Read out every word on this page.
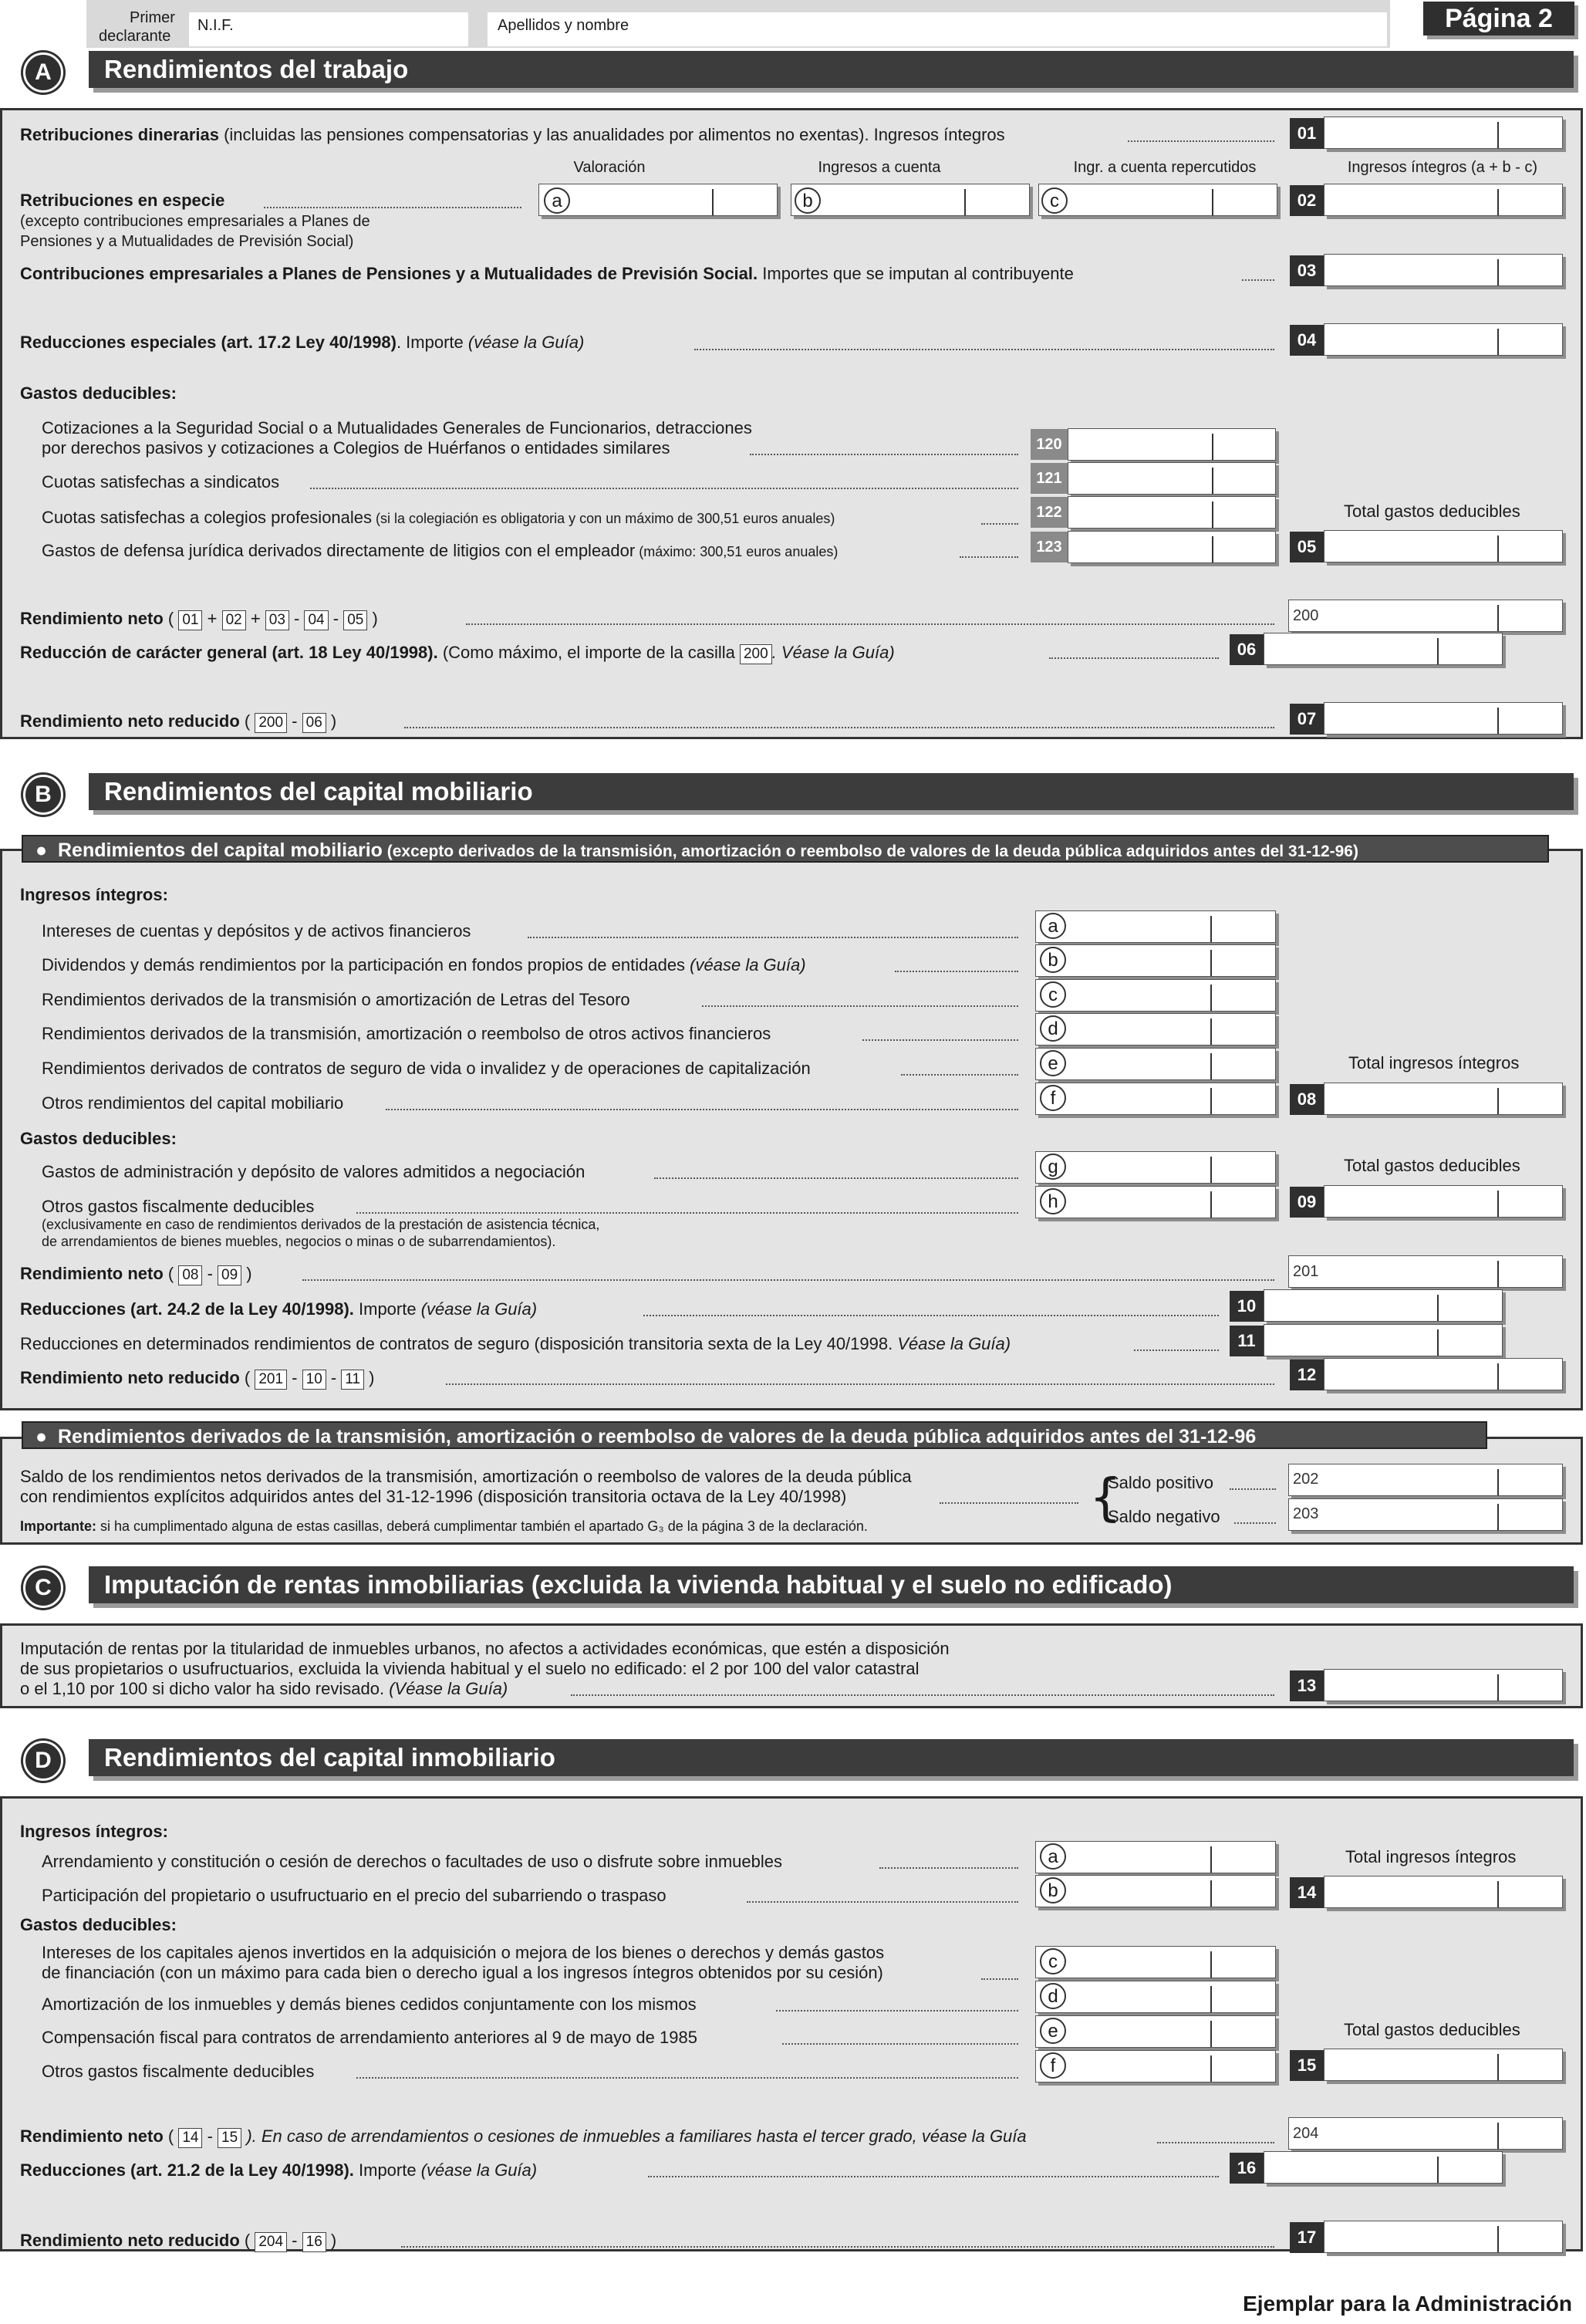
Primer
declarante
N.I.F.	Apellidos y nombre	Página 2
A	Rendimientos del trabajo
Retribuciones dinerarias (incluidas las pensiones compensatorias y las anualidades por alimentos no exentas). Ingresos íntegros	01
Valoración	Ingresos a cuenta	Ingr. a cuenta repercutidos	Ingresos íntegros (a + b - c)
Retribuciones en especie
(excepto contribuciones empresariales a Planes de
Pensiones y a Mutualidades de Previsión Social)
a	b	c	02
Contribuciones empresariales a Planes de Pensiones y a Mutualidades de Previsión Social. Importes que se imputan al contribuyente	03
Reducciones especiales (art. 17.2 Ley 40/1998). Importe (véase la Guía)	04
Gastos deducibles:
Cotizaciones a la Seguridad Social o a Mutualidades Generales de Funcionarios, detracciones
por derechos pasivos y cotizaciones a Colegios de Huérfanos o entidades similares	120
Cuotas satisfechas a sindicatos	121
Cuotas satisfechas a colegios profesionales (si la colegiación es obligatoria y con un máximo de 300,51 euros anuales)	122
Gastos de defensa jurídica derivados directamente de litigios con el empleador (máximo: 300,51 euros anuales)	123
Total gastos deducibles
05
Rendimiento neto ( 01 + 02 + 03 - 04 - 05 )	200
Reducción de carácter general (art. 18 Ley 40/1998). (Como máximo, el importe de la casilla 200 . Véase la Guía)	06
Rendimiento neto reducido ( 200 - 06 )	07
B	Rendimientos del capital mobiliario
●  Rendimientos del capital mobiliario (excepto derivados de la transmisión, amortización o reembolso de valores de la deuda pública adquiridos antes del 31-12-96)
Ingresos íntegros:
Intereses de cuentas y depósitos y de activos financieros	a
Dividendos y demás rendimientos por la participación en fondos propios de entidades (véase la Guía)	b
Rendimientos derivados de la transmisión o amortización de Letras del Tesoro	c
Rendimientos derivados de la transmisión, amortización o reembolso de otros activos financieros	d
Rendimientos derivados de contratos de seguro de vida o invalidez y de operaciones de capitalización	e
Otros rendimientos del capital mobiliario	f
Total ingresos íntegros
08
Gastos deducibles:
Gastos de administración y depósito de valores admitidos a negociación	g
Otros gastos fiscalmente deducibles
(exclusivamente en caso de rendimientos derivados de la prestación de asistencia técnica,
de arrendamientos de bienes muebles, negocios o minas o de subarrendamientos).
h
Total gastos deducibles
09
Rendimiento neto ( 08 - 09 )	201
Reducciones (art. 24.2 de la Ley 40/1998). Importe (véase la Guía)	10
Reducciones en determinados rendimientos de contratos de seguro (disposición transitoria sexta de la Ley 40/1998. Véase la Guía)	11
Rendimiento neto reducido ( 201 - 10 - 11 )	12
●  Rendimientos derivados de la transmisión, amortización o reembolso de valores de la deuda pública adquiridos antes del 31-12-96
Saldo de los rendimientos netos derivados de la transmisión, amortización o reembolso de valores de la deuda pública
con rendimientos explícitos adquiridos antes del 31-12-1996 (disposición transitoria octava de la Ley 40/1998)
Importante: si ha cumplimentado alguna de estas casillas, deberá cumplimentar también el apartado G₃ de la página 3 de la declaración.	{
Saldo positivo	202
Saldo negativo	203
C	Imputación de rentas inmobiliarias (excluida la vivienda habitual y el suelo no edificado)
Imputación de rentas por la titularidad de inmuebles urbanos, no afectos a actividades económicas, que estén a disposición
de sus propietarios o usufructuarios, excluida la vivienda habitual y el suelo no edificado: el 2 por 100 del valor catastral
o el 1,10 por 100 si dicho valor ha sido revisado. (Véase la Guía)	13
D	Rendimientos del capital inmobiliario
Ingresos íntegros:
Arrendamiento y constitución o cesión de derechos o facultades de uso o disfrute sobre inmuebles	a
Participación del propietario o usufructuario en el precio del subarriendo o traspaso	b
Total ingresos íntegros
14
Gastos deducibles:
Intereses de los capitales ajenos invertidos en la adquisición o mejora de los bienes o derechos y demás gastos
de financiación (con un máximo para cada bien o derecho igual a los ingresos íntegros obtenidos por su cesión)
c
Amortización de los inmuebles y demás bienes cedidos conjuntamente con los mismos	d
Compensación fiscal para contratos de arrendamiento anteriores al 9 de mayo de 1985	e
Otros gastos fiscalmente deducibles	f
Total gastos deducibles
15
Rendimiento neto ( 14 - 15 ). En caso de arrendamientos o cesiones de inmuebles a familiares hasta el tercer grado, véase la Guía	204
Reducciones (art. 21.2 de la Ley 40/1998). Importe (véase la Guía)	16
Rendimiento neto reducido ( 204 - 16 )	17
Ejemplar para la Administración
